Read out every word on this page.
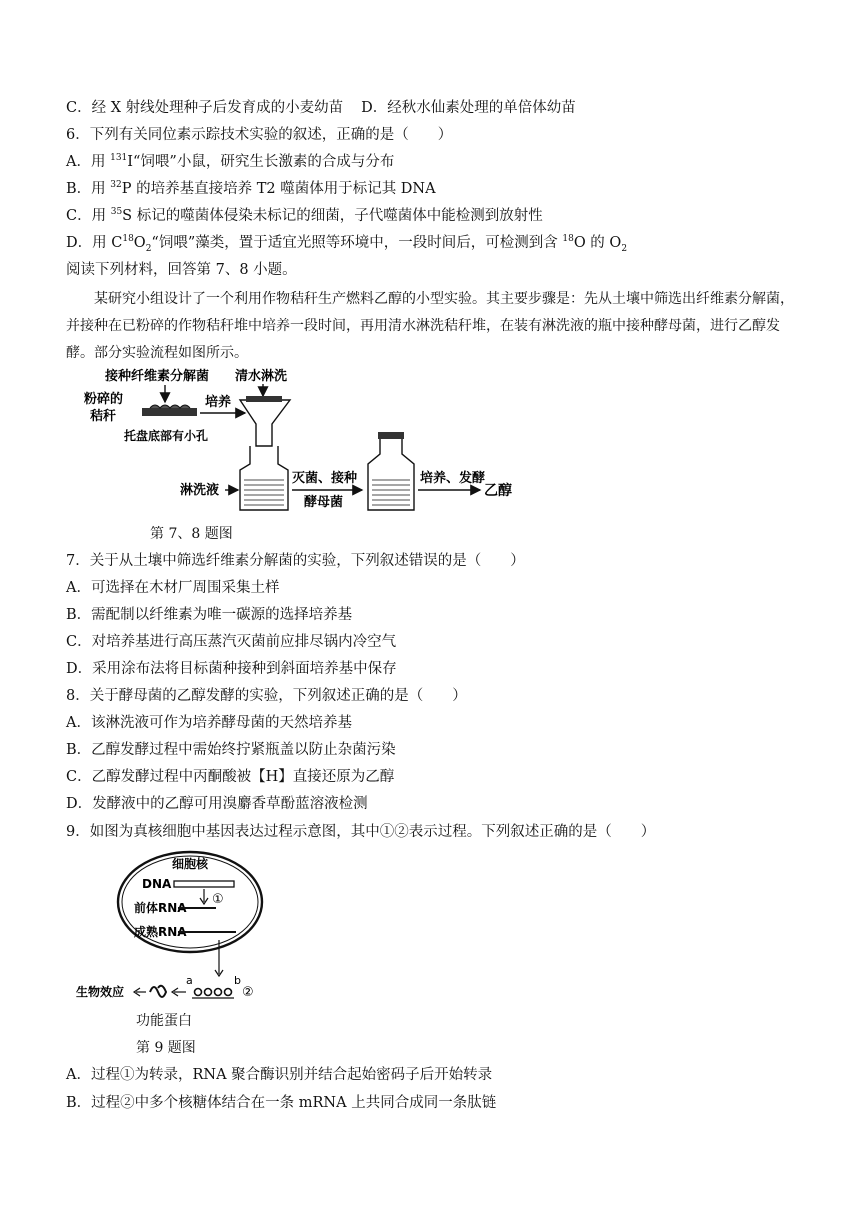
C．经 X 射线处理种子后发育成的小麦幼苗 D．经秋水仙素处理的单倍体幼苗
6．下列有关同位素示踪技术实验的叙述，正确的是（　　）
A．用 $^{131}$I“饲喂”小鼠，研究生长激素的合成与分布
B．用 $^{32}$P 的培养基直接培养 T2 噬菌体用于标记其 DNA
C．用 $^{35}$S 标记的噬菌体侵染未标记的细菌，子代噬菌体中能检测到放射性
D．用 $C^{18}O_2“$饲喂”藻类，置于适宜光照等环境中，一段时间后，可检测到含 $^{18}$O 的 $O_2$
阅读下列材料，回答第 7、8 小题。
某研究小组设计了一个利用作物秸秆生产燃料乙醇的小型实验。其主要步骤是：先从土壤中筛选出纤维素分解菌，并接种在已粉碎的作物秸秆堆中培养一段时间，再用清水淋洗秸秆堆，在装有淋洗液的瓶中接种酵母菌，进行乙醇发酵。部分实验流程如图所示。
接种纤维素分解菌 清水淋洗
粉碎的
秸秆
培养
托盘底部有小孔
淋洗液
灭菌、接种
酵母菌
培养、发酵
乙醇
第 7、8 题图
7．关于从土壤中筛选纤维素分解菌的实验，下列叙述错误的是（　　）
A．可选择在木材厂周围采集土样
B．需配制以纤维素为唯一碳源的选择培养基
C．对培养基进行高压蒸汽灭菌前应排尽锅内冷空气
D．采用涂布法将目标菌种接种到斜面培养基中保存
8．关于酵母菌的乙醇发酵的实验，下列叙述正确的是（　　）
A．该淋洗液可作为培养酵母菌的天然培养基
B．乙醇发酵过程中需始终拧紧瓶盖以防止杂菌污染
C．乙醇发酵过程中丙酮酸被【H】直接还原为乙醇
D．发酵液中的乙醇可用溴麝香草酚蓝溶液检测
9．如图为真核细胞中基因表达过程示意图，其中①②表示过程。下列叙述正确的是（　　）
细胞核
DNA
①
前体RNA
成熟RNA
生物效应
a	b
②
功能蛋白
第 9 题图
A．过程①为转录，RNA 聚合酶识别并结合起始密码子后开始转录
B．过程②中多个核糖体结合在一条 mRNA 上共同合成同一条肽链
